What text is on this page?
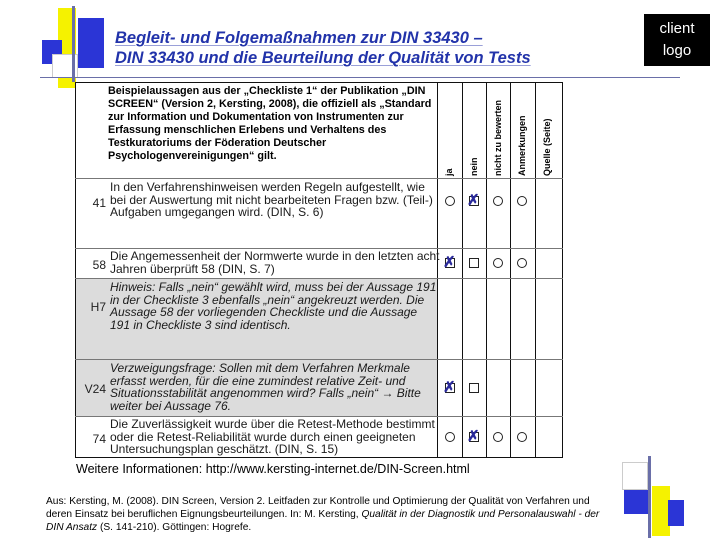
Begleit- und Folgemaßnahmen zur DIN 33430 –
DIN 33430 und die Beurteilung der Qualität von Tests
client
logo
Beispielaussagen aus der „Checkliste 1“ der Publikation „DIN SCREEN“ (Version 2, Kersting, 2008), die offiziell als „Standard zur Information und Dokumentation von Instrumenten zur Erfassung menschlichen Erlebens und Verhaltens des Testkuratoriums der Föderation Deutscher Psychologenvereinigungen“ gilt.
ja nein nicht zu bewerten Anmerkungen Quelle (Seite)
41
In den Verfahrenshinweisen werden Regeln aufgestellt, wie bei der Auswertung mit nicht bearbeiteten Fragen bzw. (Teil-) Aufgaben umgegangen wird. (DIN, S. 6)
✗
58
Die Angemessenheit der Normwerte wurde in den letzten acht Jahren überprüft 58 (DIN, S. 7)	✗
H7
Hinweis: Falls „nein“ gewählt wird, muss bei der Aussage 191 in der Checkliste 3 ebenfalls „nein“ angekreuzt werden. Die Aussage 58 der vorliegenden Checkliste und die Aussage 191 in Checkliste 3 sind identisch.
V24
Verzweigungsfrage: Sollen mit dem Verfahren Merkmale erfasst werden, für die eine zumindest relative Zeit- und Situationsstabilität angenommen wird? Falls „nein“ → Bitte weiter bei Aussage 76.
✗
74
Die Zuverlässigkeit wurde über die Retest-Methode bestimmt oder die Retest-Reliabilität wurde durch einen geeigneten Untersuchungsplan geschätzt. (DIN, S. 15)
✗
Weitere Informationen: http://www.kersting-internet.de/DIN-Screen.html
Aus: Kersting, M. (2008). DIN Screen, Version 2. Leitfaden zur Kontrolle und Optimierung der Qualität von Verfahren und deren Einsatz bei beruflichen Eignungsbeurteilungen. In: M. Kersting, Qualität in der Diagnostik und Personalauswahl - der DIN Ansatz (S. 141-210). Göttingen: Hogrefe.
